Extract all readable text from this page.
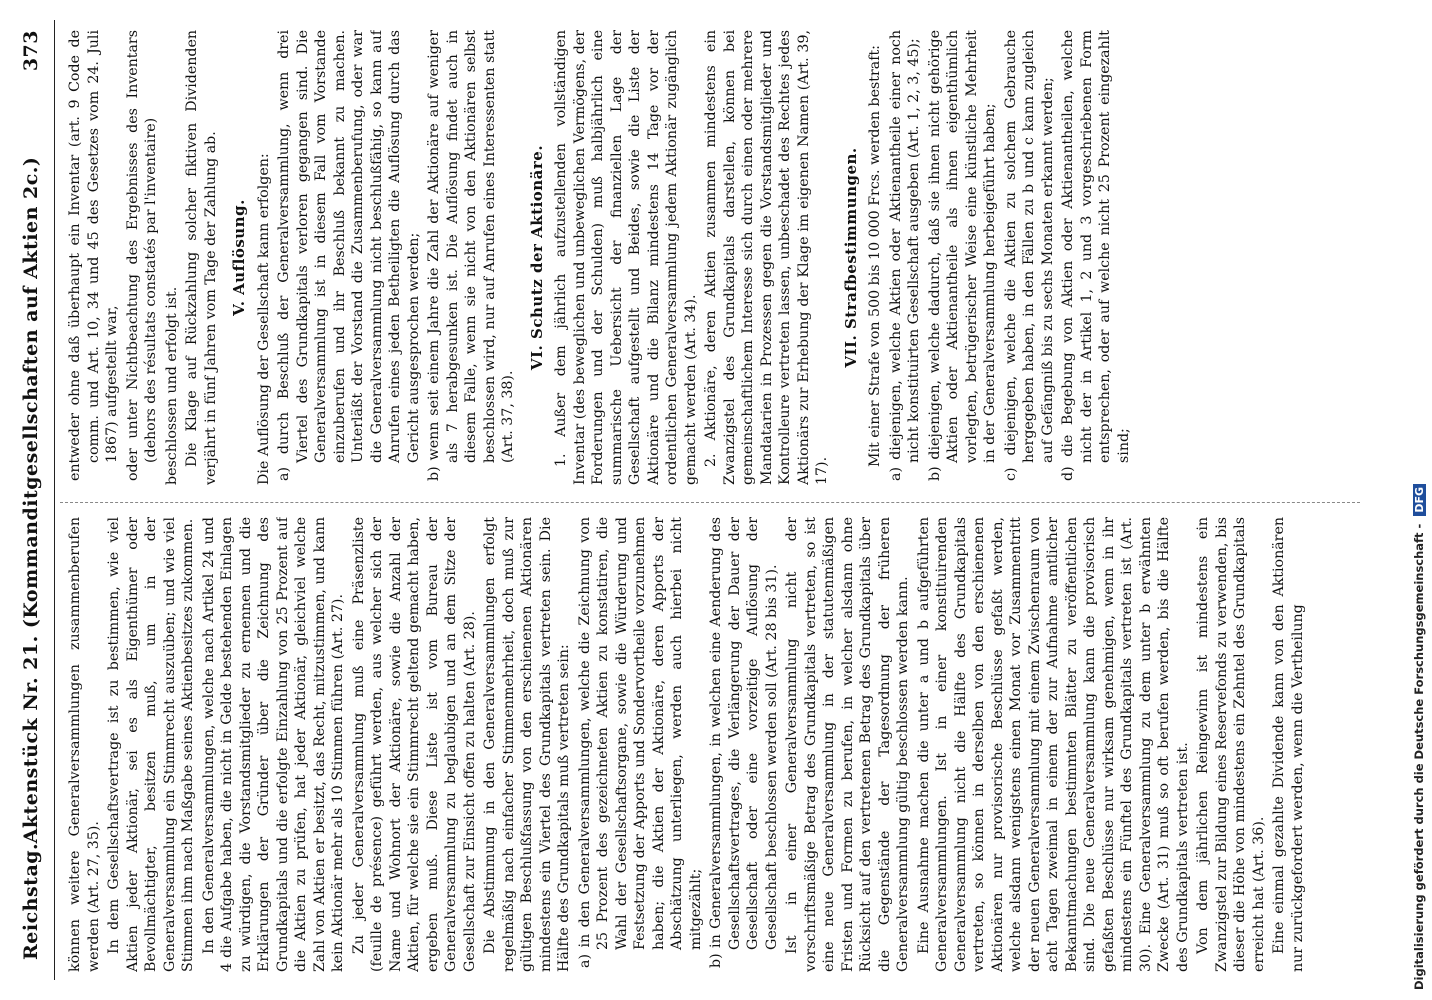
Reichstag.
Aktenstück Nr. 21. (Kommanditgesellschaften auf Aktien 2c.)
373

können weitere Generalversammlungen zusammenberufen werden (Art. 27, 35). In dem Gesellschaftsvertrage ist zu bestimmen, wie viel Aktien jeder Aktionär, sei es als Eigenthümer oder Bevollmächtigter, besitzen muß, um in der Generalversammlung ein Stimmrecht auszuüben; und wie viel Stimmen ihm nach Maßgabe seines Aktienbesitzes zukommen. In den Generalversammlungen, welche nach Artikel 24 und 4 die Aufgabe haben, die nicht in Gelde bestehenden Einlagen zu würdigen, die Vorstandsmitglieder zu ernennen und die Erklärungen der Gründer über die Zeichnung des Grundkapitals und die erfolgte Einzahlung von 25 Prozent auf die Aktien zu prüfen, hat jeder Aktionär, gleichviel welche Zahl von Aktien er besitzt, das Recht, mitzustimmen, und kann kein Aktionär mehr als 10 Stimmen führen (Art. 27). Zu jeder Generalversammlung muß eine Präsenzliste (feuille de présence) geführt werden, aus welcher sich der Name und Wohnort der Aktionäre, sowie die Anzahl der Aktien, für welche sie ein Stimmrecht geltend gemacht haben, ergeben muß. Diese Liste ist vom Bureau der Generalversammlung zu beglaubigen und an dem Sitze der Gesellschaft zur Einsicht offen zu halten (Art. 28). Die Abstimmung in den Generalversammlungen erfolgt regelmäßig nach einfacher Stimmenmehrheit, doch muß zur gültigen Beschlußfassung von den erschienenen Aktionären mindestens ein Viertel des Grundkapitals vertreten sein. Die Hälfte des Grundkapitals muß vertreten sein: a) in den Generalversammlungen, welche die Zeichnung von 25 Prozent des gezeichneten Aktien zu konstatiren, die Wahl der Gesellschaftsorgane, sowie die Würderung und Festsetzung der Apports und Sondervortheile vorzunehmen haben; die Aktien der Aktionäre, deren Apports der Abschätzung unterliegen, werden auch hierbei nicht mitgezählt; b) in Generalversammlungen, in welchen eine Aenderung des Gesellschaftsvertrages, die Verlängerung der Dauer der Gesellschaft oder eine vorzeitige Auflösung der Gesellschaft beschlossen werden soll (Art. 28 bis 31). Ist in einer Generalversammlung nicht der vorschriftsmäßige Betrag des Grundkapitals vertreten, so ist eine neue Generalversammlung in der statutenmäßigen Fristen und Formen zu berufen, in welcher alsdann ohne Rücksicht auf den vertretenen Betrag des Grundkapitals über die Gegenstände der Tagesordnung der früheren Generalversammlung gültig beschlossen werden kann. Eine Ausnahme machen die unter a und b aufgeführten Generalversammlungen. Ist in einer konstituirenden Generalversammlung nicht die Hälfte des Grundkapitals vertreten, so können in derselben von den erschienenen Aktionären nur provisorische Beschlüsse gefaßt werden, welche alsdann wenigstens einen Monat vor Zusammentritt der neuen Generalversammlung mit einem Zwischenraum von acht Tagen zweimal in einem der zur Aufnahme amtlicher Bekanntmachungen bestimmten Blätter zu veröffentlichen sind. Die neue Generalversammlung kann die provisorisch gefaßten Beschlüsse nur wirksam genehmigen, wenn in ihr mindestens ein Fünftel des Grundkapitals vertreten ist (Art. 30). Eine Generalversammlung zu dem unter b erwähnten Zwecke (Art. 31) muß so oft berufen werden, bis die Hälfte des Grundkapitals vertreten ist. Von dem jährlichen Reingewinn ist mindestens ein Zwanzigstel zur Bildung eines Reservefonds zu verwenden, bis dieser die Höhe von mindestens ein Zehntel des Grundkapitals erreicht hat (Art. 36). Eine einmal gezahlte Dividende kann von den Aktionären nur zurückgefordert werden, wenn die Vertheilung

entweder ohne daß überhaupt ein Inventar (art. 9 Code de comm. und Art. 10, 34 und 45 des Gesetzes vom 24. Juli 1867) aufgestellt war, oder unter Nichtbeachtung des Ergebnisses des Inventars (dehors des résultats constatés par l'inventaire) beschlossen und erfolgt ist. Die Klage auf Rückzahlung solcher fiktiven Dividenden verjährt in fünf Jahren vom Tage der Zahlung ab. V. Auflösung. Die Auflösung der Gesellschaft kann erfolgen: a) durch Beschluß der Generalversammlung, wenn drei Viertel des Grundkapitals verloren gegangen sind. Die Generalversammlung ist in diesem Fall vom Vorstande einzuberufen und ihr Beschluß bekannt zu machen. Unterläßt der Vorstand die Zusammenberufung, oder war die Generalversammlung nicht beschlußfähig, so kann auf Anrufen eines jeden Betheiligten die Auflösung durch das Gericht ausgesprochen werden; b) wenn seit einem Jahre die Zahl der Aktionäre auf weniger als 7 herabgesunken ist. Die Auflösung findet auch in diesem Falle, wenn sie nicht von den Aktionären selbst beschlossen wird, nur auf Anrufen eines Interessenten statt (Art. 37, 38).
VI. Schutz der Aktionäre. 1. Außer dem jährlich aufzustellenden vollständigen Inventar (des beweglichen und unbeweglichen Vermögens, der Forderungen und der Schulden) muß halbjährlich eine summarische Uebersicht der finanziellen Lage der Gesellschaft aufgestellt und Beides, sowie die Liste der Aktionäre und die Bilanz mindestens 14 Tage vor der ordentlichen Generalversammlung jedem Aktionär zugänglich gemacht werden (Art. 34). 2. Aktionäre, deren Aktien zusammen mindestens ein Zwanzigstel des Grundkapitals darstellen, können bei gemeinschaftlichem Interesse sich durch einen oder mehrere Mandatarien in Prozessen gegen die Vorstandsmitglieder und Kontrolleure vertreten lassen, unbeschadet des Rechtes jedes Aktionärs zur Erhebung der Klage im eigenen Namen (Art. 39, 17).

VII. Strafbestimmungen. Mit einer Strafe von 500 bis 10 000 Frcs. werden bestraft: a) diejenigen, welche Aktien oder Aktienantheile einer noch nicht konstituirten Gesellschaft ausgeben (Art. 1, 2, 3, 45); b) diejenigen, welche dadurch, daß sie ihnen nicht gehörige Aktien oder Aktienantheile als ihnen eigenthümlich vorlegten, betrügerischer Weise eine künstliche Mehrheit in der Generalversammlung herbeigeführt haben; c) diejenigen, welche die Aktien zu solchem Gebrauche hergegeben haben, in den Fällen zu b und c kann zugleich auf Gefängniß bis zu sechs Monaten erkannt werden; d) die Begebung von Aktien oder Aktienantheilen, welche nicht der in Artikel 1, 2 und 3 vorgeschriebenen Form entsprechen, oder auf welche nicht 25 Prozent eingezahlt sind;
Digitalisierung gefördert durch die Deutsche Forschungsgemeinschaft - DFG
